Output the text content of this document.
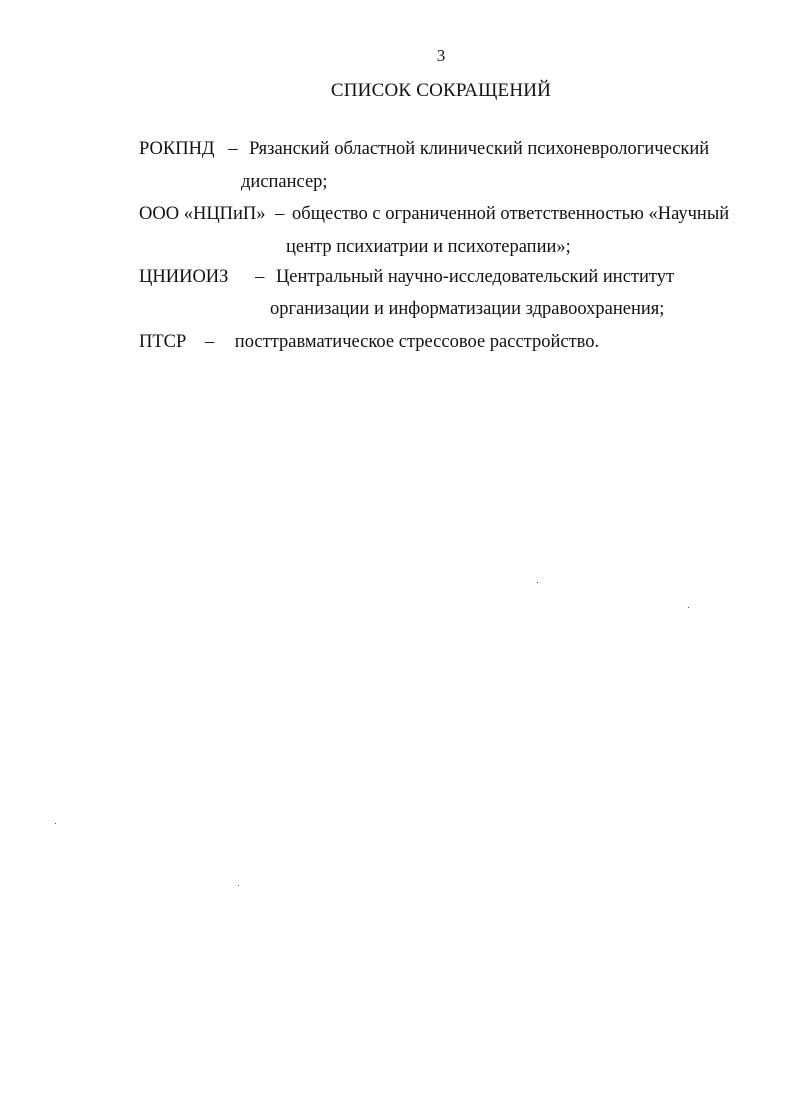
3
СПИСОК СОКРАЩЕНИЙ
РОКПНД – Рязанский областной клинический психоневрологический
диспансер;
ООО «НЦПиП» – общество с ограниченной ответственностью «Научный
центр психиатрии и психотерапии»;
ЦНИИОИЗ – Центральный научно-исследовательский институт
организации и информатизации здравоохранения;
ПТСР – посттравматическое стрессовое расстройство.
